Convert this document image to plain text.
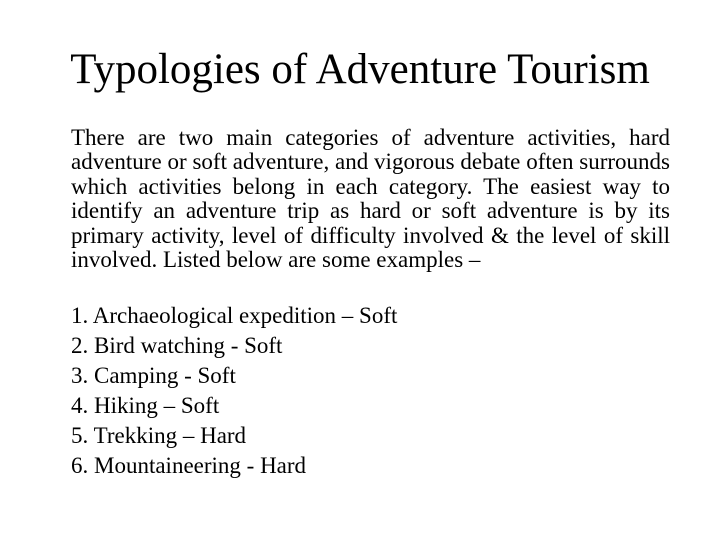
Typologies of Adventure Tourism
There are two main categories of adventure activities, hard adventure or soft adventure, and vigorous debate often surrounds which activities belong in each category. The easiest way to identify an adventure trip as hard or soft adventure is by its primary activity, level of difficulty involved & the level of skill involved. Listed below are some examples –
1. Archaeological expedition – Soft
2. Bird watching - Soft
3. Camping - Soft
4. Hiking – Soft
5. Trekking – Hard
6. Mountaineering - Hard
